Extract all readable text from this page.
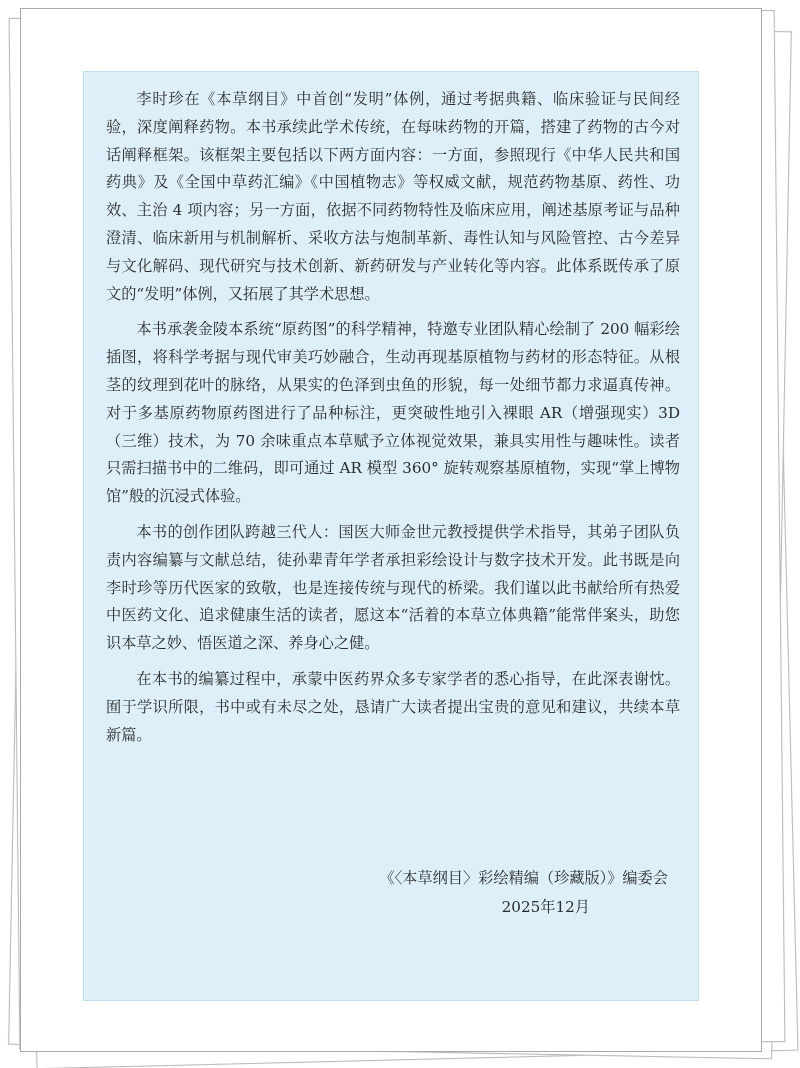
李时珍在《本草纲目》中首创“发明”体例，通过考据典籍、临床验证与民间经验，深度阐释药物。本书承续此学术传统，在每味药物的开篇，搭建了药物的古今对话阐释框架。该框架主要包括以下两方面内容：一方面，参照现行《中华人民共和国药典》及《全国中草药汇编》《中国植物志》等权威文献，规范药物基原、药性、功效、主治 4 项内容；另一方面，依据不同药物特性及临床应用，阐述基原考证与品种澄清、临床新用与机制解析、采收方法与炮制革新、毒性认知与风险管控、古今差异与文化解码、现代研究与技术创新、新药研发与产业转化等内容。此体系既传承了原文的“发明”体例，又拓展了其学术思想。

本书承袭金陵本系统“原药图”的科学精神，特邀专业团队精心绘制了 200 幅彩绘插图，将科学考据与现代审美巧妙融合，生动再现基原植物与药材的形态特征。从根茎的纹理到花叶的脉络，从果实的色泽到虫鱼的形貌，每一处细节都力求逼真传神。对于多基原药物原药图进行了品种标注，更突破性地引入裸眼 AR（增强现实）3D（三维）技术，为 70 余味重点本草赋予立体视觉效果，兼具实用性与趣味性。读者只需扫描书中的二维码，即可通过 AR 模型 360° 旋转观察基原植物，实现“掌上博物馆”般的沉浸式体验。

本书的创作团队跨越三代人：国医大师金世元教授提供学术指导，其弟子团队负责内容编纂与文献总结，徒孙辈青年学者承担彩绘设计与数字技术开发。此书既是向李时珍等历代医家的致敬，也是连接传统与现代的桥梁。我们谨以此书献给所有热爱中医药文化、追求健康生活的读者，愿这本“活着的本草立体典籍”能常伴案头，助您识本草之妙、悟医道之深、养身心之健。

在本书的编纂过程中，承蒙中医药界众多专家学者的悉心指导，在此深表谢忱。囿于学识所限，书中或有未尽之处，恳请广大读者提出宝贵的意见和建议，共续本草新篇。

《〈本草纲目〉彩绘精编（珍藏版）》编委会
2025年12月
